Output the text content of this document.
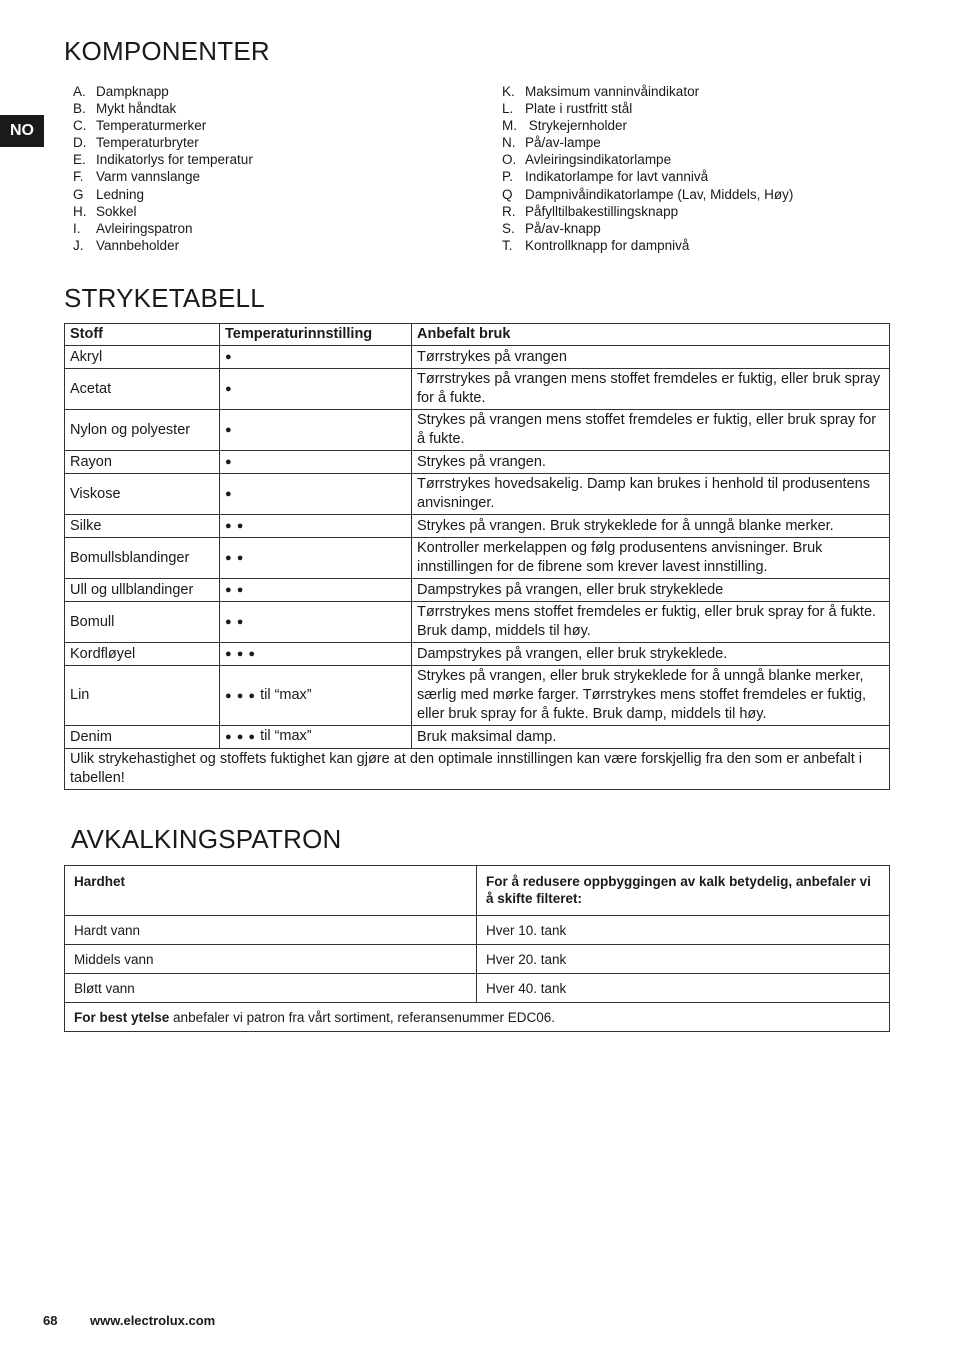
NO
KOMPONENTER
A. Dampknapp
B. Mykt håndtak
C. Temperaturmerker
D. Temperaturbryter
E. Indikatorlys for temperatur
F. Varm vannslange
G Ledning
H. Sokkel
I.	Avleiringspatron
J. Vannbeholder
K. Maksimum vanninvåindikator
L. Plate i rustfritt stål
M. Strykejernholder
N. På/av-lampe
O. Avleiringsindikatorlampe
P. Indikatorlampe for lavt vannivå
Q Dampnivåindikatorlampe (Lav, Middels, Høy)
R. Påfylltilbakestillingsknapp
S. På/av-knapp
T. Kontrollknapp for dampnivå
STRYKETABELL
Stoff	Temperaturinnstilling	Anbefalt bruk
Akryl	●	Tørrstrykes på vrangen
Acetat	●	Tørrstrykes på vrangen mens stoffet fremdeles er fuktig, eller bruk spray for å fukte.
Nylon og polyester	●	Strykes på vrangen mens stoffet fremdeles er fuktig, eller bruk spray for å fukte.
Rayon	●	Strykes på vrangen.
Viskose	●	Tørrstrykes hovedsakelig. Damp kan brukes i henhold til produsentens anvisninger.
Silke	● ●	Strykes på vrangen. Bruk strykeklede for å unngå blanke merker.
Bomullsblandinger	● ●	Kontroller merkelappen og følg produsentens anvisninger. Bruk innstillingen for de fibrene som krever lavest innstilling.
Ull og ullblandinger	● ●	Dampstrykes på vrangen, eller bruk strykeklede
Bomull	● ●	Tørrstrykes mens stoffet fremdeles er fuktig, eller bruk spray for å fukte. Bruk damp, middels til høy.
Kordfløyel	● ● ●	Dampstrykes på vrangen, eller bruk strykeklede.
Lin	● ● ● til “max”	Strykes på vrangen, eller bruk strykeklede for å unngå blanke merker, særlig med mørke farger. Tørrstrykes mens stoffet fremdeles er fuktig, eller bruk spray for å fukte. Bruk damp, middels til høy.
Denim	● ● ● til “max”	Bruk maksimal damp.
Ulik strykehastighet og stoffets fuktighet kan gjøre at den optimale innstillingen kan være forskjellig fra den som er anbefalt i tabellen!		
AVKALKINGSPATRON
Hardhet	For å redusere oppbyggingen av kalk betydelig, anbefaler vi å skifte filteret:
Hardt vann	Hver 10. tank
Middels vann	Hver 20. tank
Bløtt vann	Hver 40. tank
For best ytelse anbefaler vi patron fra vårt sortiment, referansenummer EDC06.	
68	www.electrolux.com
